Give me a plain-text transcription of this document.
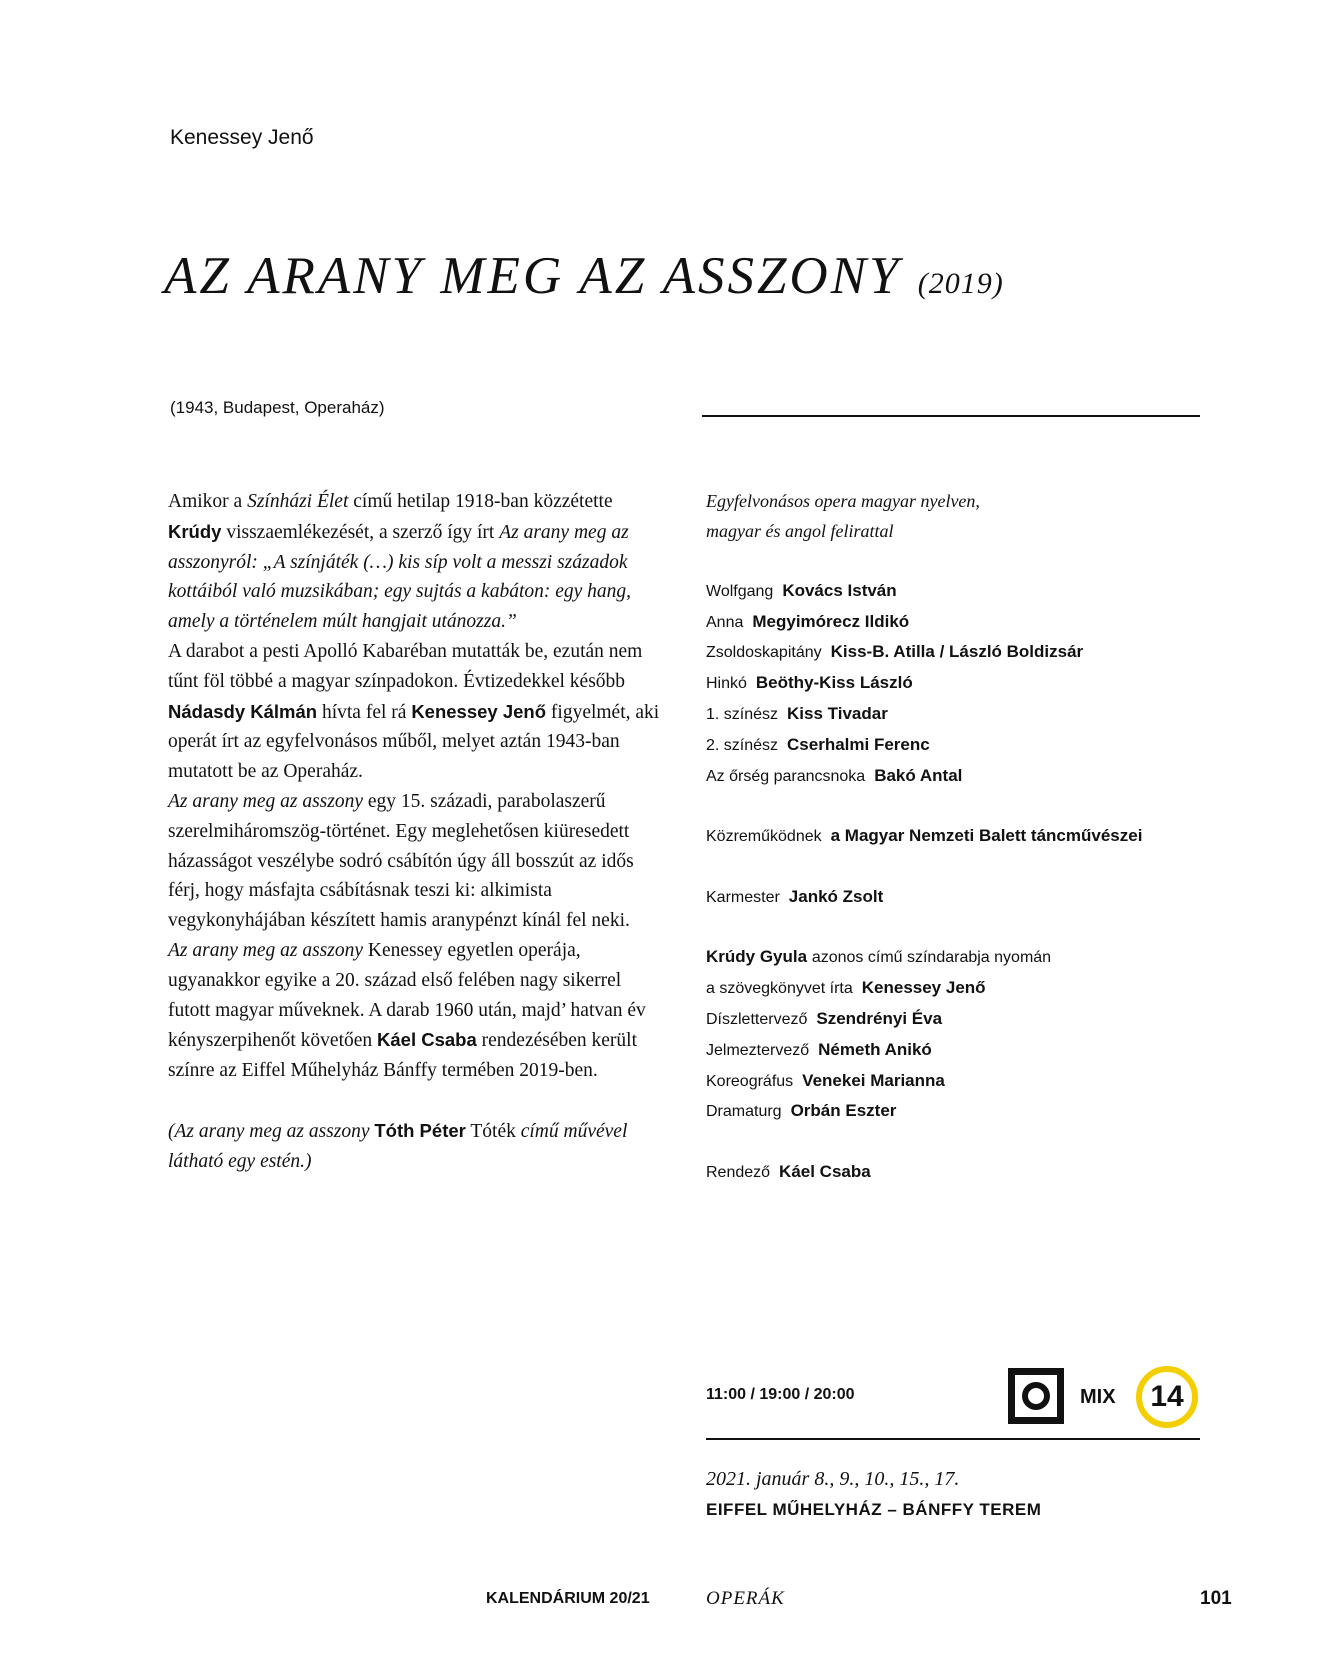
Kenessey Jenő
AZ ARANY MEG AZ ASSZONY (2019)
(1943, Budapest, Operaház)

Amikor a Színházi Élet című hetilap 1918-ban közzétette Krúdy visszaemlékezését, a szerző így írt Az arany meg az asszonyról: „A színjáték (…) kis síp volt a messzi századok kottáiból való muzsikában; egy sujtás a kabáton: egy hang, amely a történelem múlt hangjait utánozza.”

A darabot a pesti Apolló Kabaréban mutatták be, ezután nem tűnt föl többé a magyar színpadokon. Évtizedekkel később Nádasdy Kálmán hívta fel rá Kenessey Jenő figyelmét, aki operát írt az egyfelvonásos műből, melyet aztán 1943-ban mutatott be az Operaház.

Az arany meg az asszony egy 15. századi, parabolaszerű szerelmiháromszög-történet. Egy meglehetősen kiüresedett házasságot veszélybe sodró csábítón úgy áll bosszút az idős férj, hogy másfajta csábításnak teszi ki: alkimista vegykonyhájában készített hamis aranypénzt kínál fel neki.

Az arany meg az asszony Kenessey egyetlen operája, ugyanakkor egyike a 20. század első felében nagy sikerrel futott magyar műveknek. A darab 1960 után, majd’ hatvan év kényszerpihenőt követően Káel Csaba rendezésében került színre az Eiffel Műhelyház Bánffy termében 2019-ben.

(Az arany meg az asszony Tóth Péter Tóték című művével látható egy estén.)

Egyfelvonásos opera magyar nyelven,
magyar és angol felirattal
Wolfgang Kovács István
Anna Megyimórecz Ildikó
Zsoldoskapitány Kiss-B. Atilla / László Boldizsár
Hinkó Beöthy-Kiss László
1. színész Kiss Tivadar
2. színész Cserhalmi Ferenc
Az őrség parancsnoka Bakó Antal
Közreműködnek a Magyar Nemzeti Balett táncművészei
Karmester Jankó Zsolt
Krúdy Gyula azonos című színdarabja nyomán
a szövegkönyvet írta Kenessey Jenő
Díszlettervező Szendrényi Éva
Jelmeztervező Németh Anikó
Koreográfus Venekei Marianna
Dramaturg Orbán Eszter
Rendező Káel Csaba
11:00 / 19:00 / 20:00	MIX	14
2021. január 8., 9., 10., 15., 17.
EIFFEL MŰHELYHÁZ – BÁNFFY TEREM
KALENDÁRIUM 20/21	OPERÁK	101
